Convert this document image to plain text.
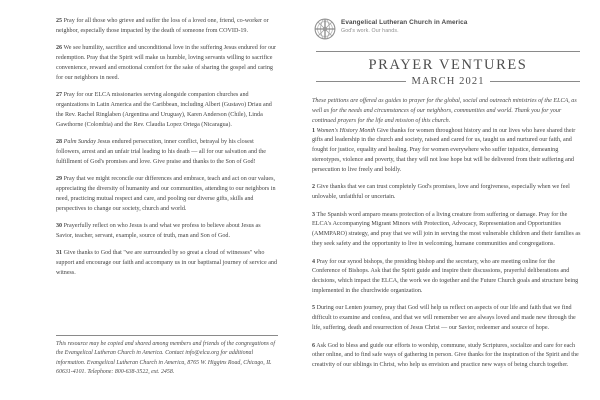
25 Pray for all those who grieve and suffer the loss of a loved one, friend, co-worker or neighbor, especially those impacted by the death of someone from COVID-19.

26 We see humility, sacrifice and unconditional love in the suffering Jesus endured for our redemption. Pray that the Spirit will make us humble, loving servants willing to sacrifice convenience, reward and emotional comfort for the sake of sharing the gospel and caring for our neighbors in need.

27 Pray for our ELCA missionaries serving alongside companion churches and organizations in Latin America and the Caribbean, including Albert (Gustavo) Driau and the Rev. Rachel Ringlaben (Argentina and Uruguay), Karen Anderson (Chile), Linda Gawthorne (Colombia) and the Rev. Claudia Lopez Ortega (Nicaragua).

28 Palm Sunday Jesus endured persecution, inner conflict, betrayal by his closest followers, arrest and an unfair trial leading to his death — all for our salvation and the fulfillment of God's promises and love. Give praise and thanks to the Son of God!

29 Pray that we might reconcile our differences and embrace, teach and act on our values, appreciating the diversity of humanity and our communities, attending to our neighbors in need, practicing mutual respect and care, and pooling our diverse gifts, skills and perspectives to change our society, church and world.

30 Prayerfully reflect on who Jesus is and what we profess to believe about Jesus as Savior, teacher, servant, example, source of truth, man and Son of God.

31 Give thanks to God that "we are surrounded by so great a cloud of witnesses" who support and encourage our faith and accompany us in our baptismal journey of service and witness.

This resource may be copied and shared among members and friends of the congregations of the Evangelical Lutheran Church in America. Contact info@elca.org for additional information. Evangelical Lutheran Church in America, 8765 W. Higgins Road, Chicago, IL 60631-4101. Telephone: 800-638-3522, ext. 2458.
Evangelical Lutheran Church in America
God's work. Our hands.
PRAYER VENTURES
MARCH 2021
These petitions are offered as guides to prayer for the global, social and outreach ministries of the ELCA, as well as for the needs and circumstances of our neighbors, communities and world. Thank you for your continued prayers for the life and mission of this church.

1 Women's History Month Give thanks for women throughout history and in our lives who have shared their gifts and leadership in the church and society, raised and cared for us, taught us and nurtured our faith, and fought for justice, equality and healing. Pray for women everywhere who suffer injustice, demeaning stereotypes, violence and poverty, that they will not lose hope but will be delivered from their suffering and persecution to live freely and boldly.

2 Give thanks that we can trust completely God's promises, love and forgiveness, especially when we feel unlovable, unfaithful or uncertain.

3 The Spanish word amparo means protection of a living creature from suffering or damage. Pray for the ELCA's Accompanying Migrant Minors with Protection, Advocacy, Representation and Opportunities (AMMPARO) strategy, and pray that we will join in serving the most vulnerable children and their families as they seek safety and the opportunity to live in welcoming, humane communities and congregations.

4 Pray for our synod bishops, the presiding bishop and the secretary, who are meeting online for the Conference of Bishops. Ask that the Spirit guide and inspire their discussions, prayerful deliberations and decisions, which impact the ELCA, the work we do together and the Future Church goals and structure being implemented in the churchwide organization.

5 During our Lenten journey, pray that God will help us reflect on aspects of our life and faith that we find difficult to examine and confess, and that we will remember we are always loved and made new through the life, suffering, death and resurrection of Jesus Christ — our Savior, redeemer and source of hope.

6 Ask God to bless and guide our efforts to worship, commune, study Scriptures, socialize and care for each other online, and to find safe ways of gathering in person. Give thanks for the inspiration of the Spirit and the creativity of our siblings in Christ, who help us envision and practice new ways of being church together.
